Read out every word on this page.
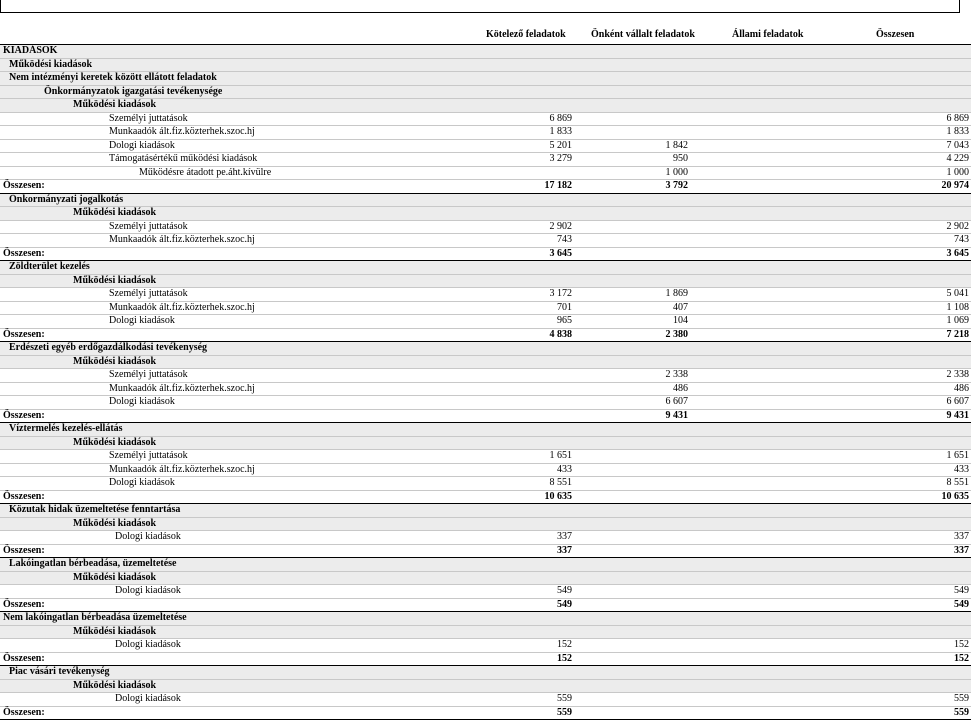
Kötelező feladatok	Önként vállalt feladatok	Állami feladatok	Összesen
KIADÁSOK				
Működési kiadások				
Nem intézményi keretek között ellátott feladatok				
Önkormányzatok igazgatási tevékenysége				
Működési kiadások				
Személyi juttatások	6 869			6 869
Munkaadók ált.fiz.közterhek.szoc.hj	1 833			1 833
Dologi kiadások	5 201	1 842		7 043
Támogatásértékű működési kiadások	3 279	950		4 229
Működésre átadott pe.áht.kívülre		1 000		1 000
Összesen:	17 182	3 792		20 974
Önkormányzati jogalkotás				
Működési kiadások				
Személyi juttatások	2 902			2 902
Munkaadók ált.fiz.közterhek.szoc.hj	743			743
Összesen:	3 645			3 645
Zöldterület kezelés				
Működési kiadások				
Személyi juttatások	3 172	1 869		5 041
Munkaadók ált.fiz.közterhek.szoc.hj	701	407		1 108
Dologi kiadások	965	104		1 069
Összesen:	4 838	2 380		7 218
Erdészeti egyéb erdőgazdálkodási tevékenység				
Működési kiadások				
Személyi juttatások		2 338		2 338
Munkaadók ált.fiz.közterhek.szoc.hj		486		486
Dologi kiadások		6 607		6 607
Összesen:		9 431		9 431
Víztermelés kezelés-ellátás				
Működési kiadások				
Személyi juttatások	1 651			1 651
Munkaadók ált.fiz.közterhek.szoc.hj	433			433
Dologi kiadások	8 551			8 551
Összesen:	10 635			10 635
Közutak hidak üzemeltetése fenntartása				
Működési kiadások				
Dologi kiadások	337			337
Összesen:	337			337
Lakóingatlan bérbeadása, üzemeltetése				
Működési kiadások				
Dologi kiadások	549			549
Összesen:	549			549
Nem lakóingatlan bérbeadása üzemeltetése				
Működési kiadások				
Dologi kiadások	152			152
Összesen:	152			152
Piac vásári tevékenység				
Működési kiadások				
Dologi kiadások	559			559
Összesen:	559			559
